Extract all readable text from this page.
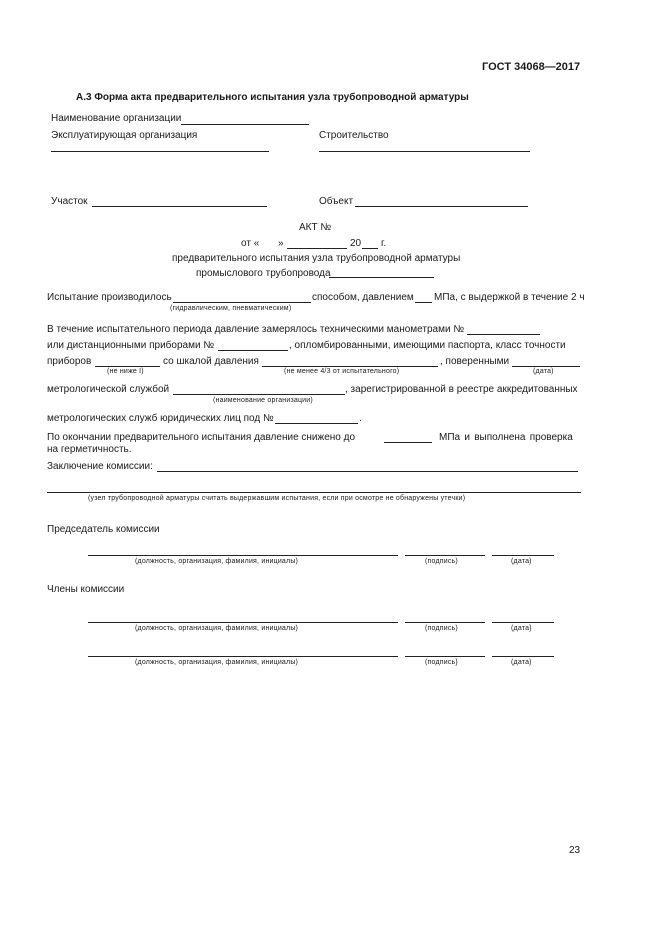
ГОСТ 34068—2017
А.3 Форма акта предварительного испытания узла трубопроводной арматуры
Наименование организации
Эксплуатирующая организация	Строительство
Участок	Объект
АКТ №
от « »	20 г.
предварительного испытания узла трубопроводной арматуры
промыслового трубопровода
Испытание производилось	способом, давлением МПа, с выдержкой в течение 2 ч
(гидравлическим, пневматическим)
В течение испытательного периода давление замерялось техническими манометрами №
или дистанционными приборами №	, опломбированными, имеющими паспорта, класс точности
приборов	со шкалой давления	, поверенными
(не ниже I)	(не менее 4/3 от испытательного)	(дата)
метрологической службой	, зарегистрированной в реестре аккредитованных
(наименование организации)
метрологических служб юридических лиц под №	.
По окончании предварительного испытания давление снижено до	МПа и выполнена проверка
на герметичность.
Заключение комиссии:
(узел трубопроводной арматуры считать выдержавшим испытания, если при осмотре не обнаружены утечки)
Председатель комиссии
(должность, организация, фамилия, инициалы)	(подпись)	(дата)
Члены комиссии
(должность, организация, фамилия, инициалы)	(подпись)	(дата}
(должность, организация, фамилия, инициалы)	(подпись}	(дата)
23
